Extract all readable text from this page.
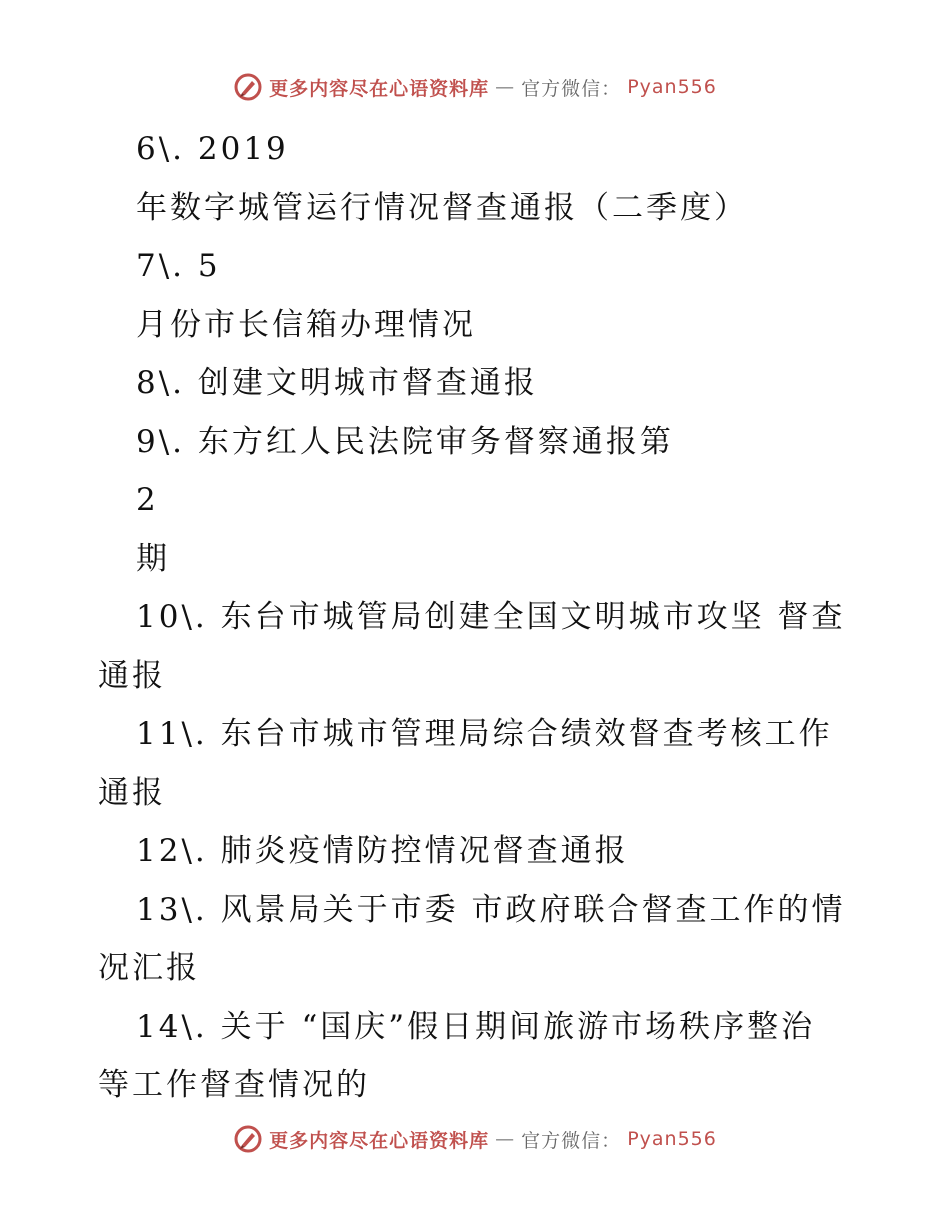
更多内容尽在心语资料库 — 官方微信： Pyan556
6\. 2019
年数字城管运行情况督查通报（二季度）
7\. 5
月份市长信箱办理情况
8\. 创建文明城市督查通报
9\. 东方红人民法院审务督察通报第
2
期
10\. 东台市城管局创建全国文明城市攻坚 督查
通报
11\. 东台市城市管理局综合绩效督查考核工作
通报
12\. 肺炎疫情防控情况督查通报
13\. 风景局关于市委 市政府联合督查工作的情
况汇报
14\. 关于 “国庆”假日期间旅游市场秩序整治
等工作督查情况的
更多内容尽在心语资料库 — 官方微信： Pyan556
